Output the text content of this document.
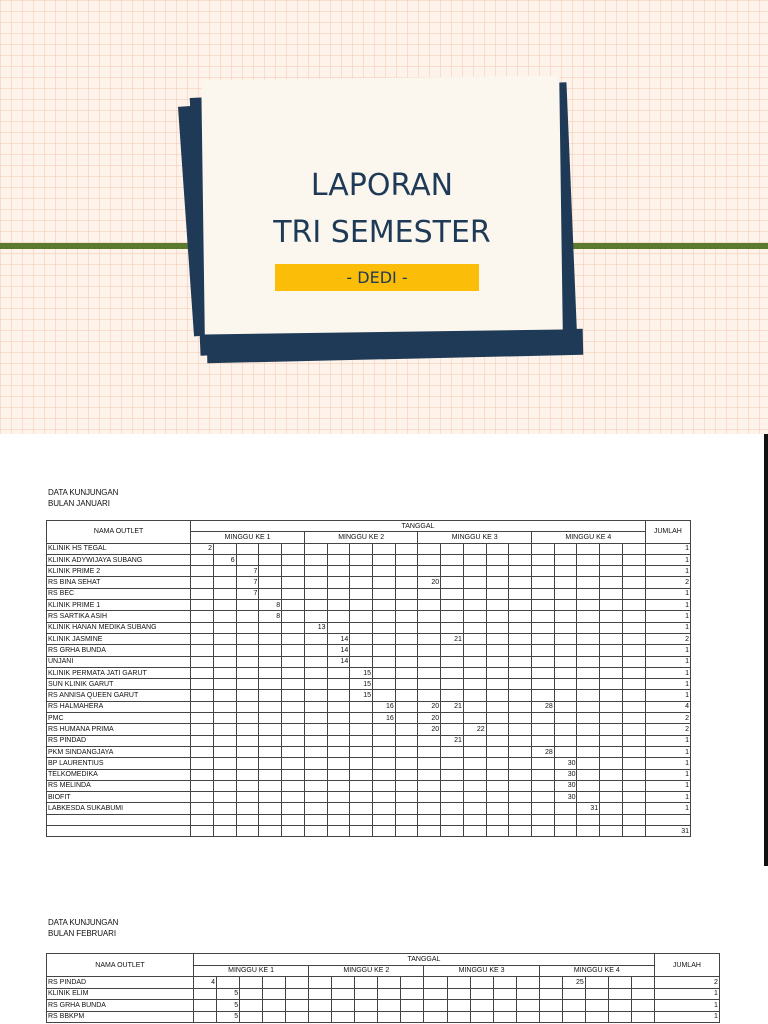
LAPORAN
TRI SEMESTER
- DEDI -
DATA KUNJUNGAN
BULAN JANUARI
NAMA OUTLET	TANGGAL																				JUMLAH
	MINGGU KE 1					MINGGU KE 2					MINGGU KE 3					MINGGU KE 4					
KLINIK HS TEGAL	2																				1
KLINIK ADYWIJAYA SUBANG		6																			1
KLINIK PRIME 2			7																		1
RS BINA SEHAT			7								20										2
RS BEC			7																		1
KLINIK PRIME 1				8																	1
RS SARTIKA ASIH				8																	1
KLINIK HANAN MEDIKA SUBANG						13															1
KLINIK JASMINE							14					21									2
RS GRHA BUNDA							14														1
UNJANI							14														1
KLINIK PERMATA JATI GARUT								15													1
SUN KLINIK GARUT								15													1
RS ANNISA QUEEN GARUT								15													1
RS HALMAHERA									16		20	21				28					4
PMC									16		20										2
RS HUMANA PRIMA											20		22								2
RS PINDAD												21									1
PKM SINDANGJAYA																28					1
BP LAURENTIUS																	30				1
TELKOMEDIKA																	30				1
RS MELINDA																	30				1
BIOFIT																	30				1
LABKESDA SUKABUMI																		31			1

																					31
DATA KUNJUNGAN
BULAN FEBRUARI
NAMA OUTLET	TANGGAL																				JUMLAH
	MINGGU KE 1					MINGGU KE 2					MINGGU KE 3					MINGGU KE 4					
RS PINDAD	4																25				2
KLINIK ELIM		5																			1
RS GRHA BUNDA		5																			1
RS BBKPM		5																			1
